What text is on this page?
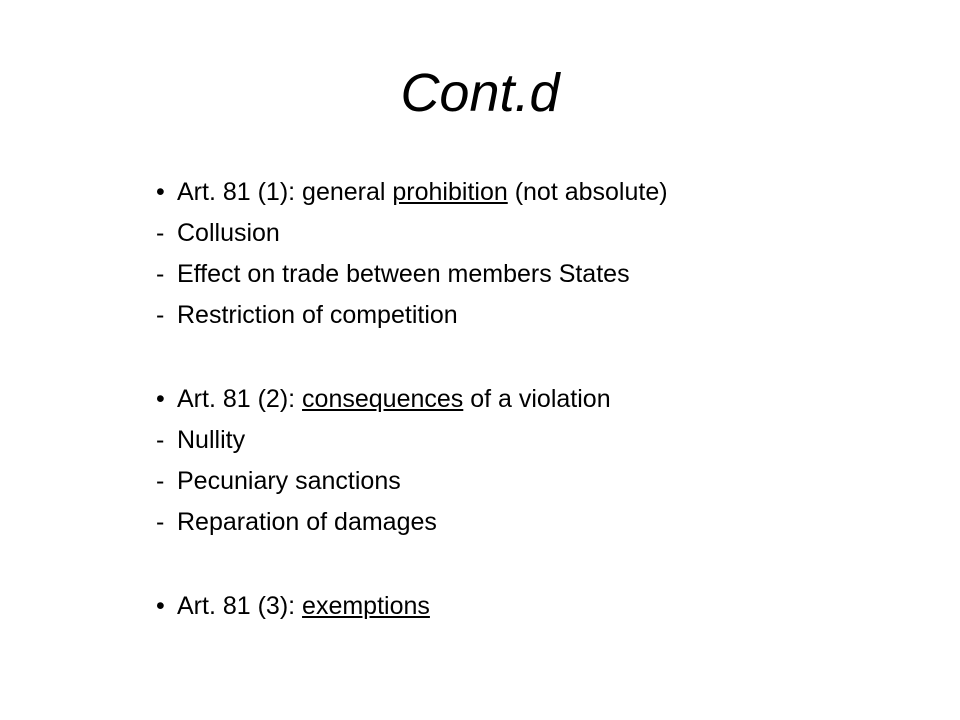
Cont.d
• Art. 81 (1): general prohibition (not absolute)
- Collusion
- Effect on trade between members States
- Restriction of competition
• Art. 81 (2): consequences of a violation
- Nullity
- Pecuniary sanctions
- Reparation of damages
• Art. 81 (3): exemptions
